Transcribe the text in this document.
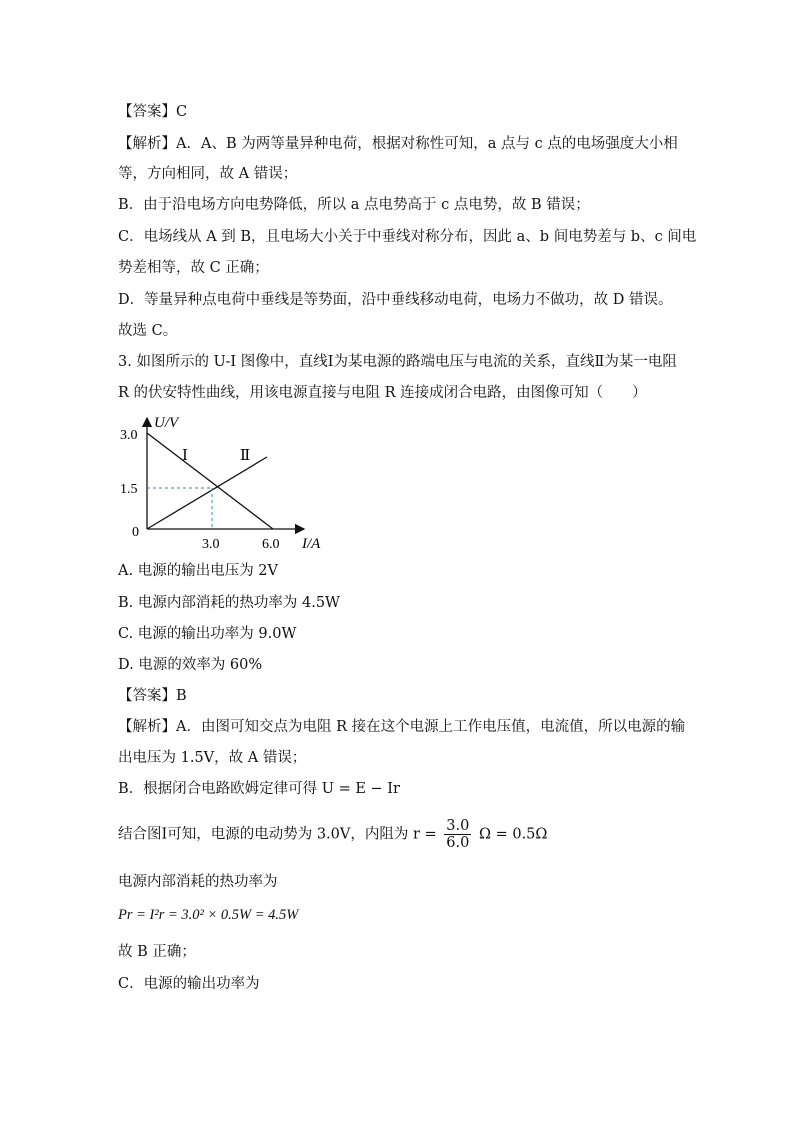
【答案】C
【解析】A．A、B 为两等量异种电荷，根据对称性可知，a 点与 c 点的电场强度大小相
等，方向相同，故 A 错误；
B．由于沿电场方向电势降低，所以 a 点电势高于 c 点电势，故 B 错误；
C．电场线从 A 到 B，且电场大小关于中垂线对称分布，因此 a、b 间电势差与 b、c 间电
势差相等，故 C 正确；
D．等量异种点电荷中垂线是等势面，沿中垂线移动电荷，电场力不做功，故 D 错误。
故选 C。
3. 如图所示的 U-I 图像中，直线Ⅰ为某电源的路端电压与电流的关系，直线Ⅱ为某一电阻
R 的伏安特性曲线，用该电源直接与电阻 R 连接成闭合电路，由图像可知（　　）
U/V
3.0
1.5
0
3.0	6.0 I/A
Ⅰ	Ⅱ
A. 电源的输出电压为 2V
B. 电源内部消耗的热功率为 4.5W
C. 电源的输出功率为 9.0W
D. 电源的效率为 60%
【答案】B
【解析】A．由图可知交点为电阻 R 接在这个电源上工作电压值，电流值，所以电源的输
出电压为 1.5V，故 A 错误；
B．根据闭合电路欧姆定律可得 U = E − Ir
结合图Ⅰ可知，电源的电动势为 3.0V，内阻为 $r = \frac{3.0}{6.0}$ Ω = 0.5Ω
电源内部消耗的热功率为
Pr = I²r = 3.0² × 0.5W = 4.5W
故 B 正确；
C．电源的输出功率为
